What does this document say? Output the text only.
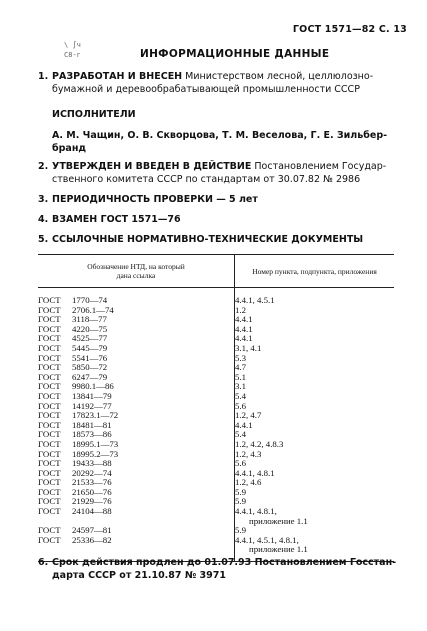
ГОСТ 1571—82 С. 13
\ ∫ч
С8-г	ИНФОРМАЦИОННЫЕ ДАННЫЕ
1. РАЗРАБОТАН И ВНЕСЕН Министерством лесной, целлюлозно-
бумажной и деревообрабатывающей промышленности СССР
ИСПОЛНИТЕЛИ
А. М. Чащин, О. В. Скворцова, Т. М. Веселова, Г. Е. Зильбер-
бранд
2. УТВЕРЖДЕН И ВВЕДЕН В ДЕЙСТВИЕ Постановлением Государ-
ственного комитета СССР по стандартам от 30.07.82 № 2986
3. ПЕРИОДИЧНОСТЬ ПРОВЕРКИ — 5 лет
4. ВЗАМЕН ГОСТ 1571—76
5. ССЫЛОЧНЫЕ НОРМАТИВНО-ТЕХНИЧЕСКИЕ ДОКУМЕНТЫ
Обозначение НТД, на который
дана ссылка	Номер пункта, подпункта, приложения
ГОСТ 1770—74	4.4.1, 4.5.1

ГОСТ 2706.1—74	1.2

ГОСТ 3118—77	4.4.1

ГОСТ 4220—75	4.4.1

ГОСТ 4525—77	4.4.1

ГОСТ 5445—79	3.1, 4.1

ГОСТ 5541—76	5.3

ГОСТ 5850—72	4.7

ГОСТ 6247—79	5.1

ГОСТ 9980.1—86	3.1

ГОСТ 13841—79	5.4

ГОСТ 14192—77	5.6

ГОСТ 17823.1—72	1.2, 4.7

ГОСТ 18481—81	4.4.1

ГОСТ 18573—86	5.4

ГОСТ 18995.1—73	1.2, 4.2, 4.8.3

ГОСТ 18995.2—73	1.2, 4.3

ГОСТ 19433—88	5.6

ГОСТ 20292—74	4.4.1, 4.8.1

ГОСТ 21533—76	1.2, 4.6

ГОСТ 21650—76	5.9

ГОСТ 21929—76	5.9

ГОСТ 24104—88	4.4.1, 4.8.1,
приложение 1.1

ГОСТ 24597—81	5.9

ГОСТ 25336—82	4.4.1, 4.5.1, 4.8.1,
приложение 1.1
6. Срок действия продлен до 01.07.93 Постановлением Госстан-
дарта СССР от 21.10.87 № 3971
